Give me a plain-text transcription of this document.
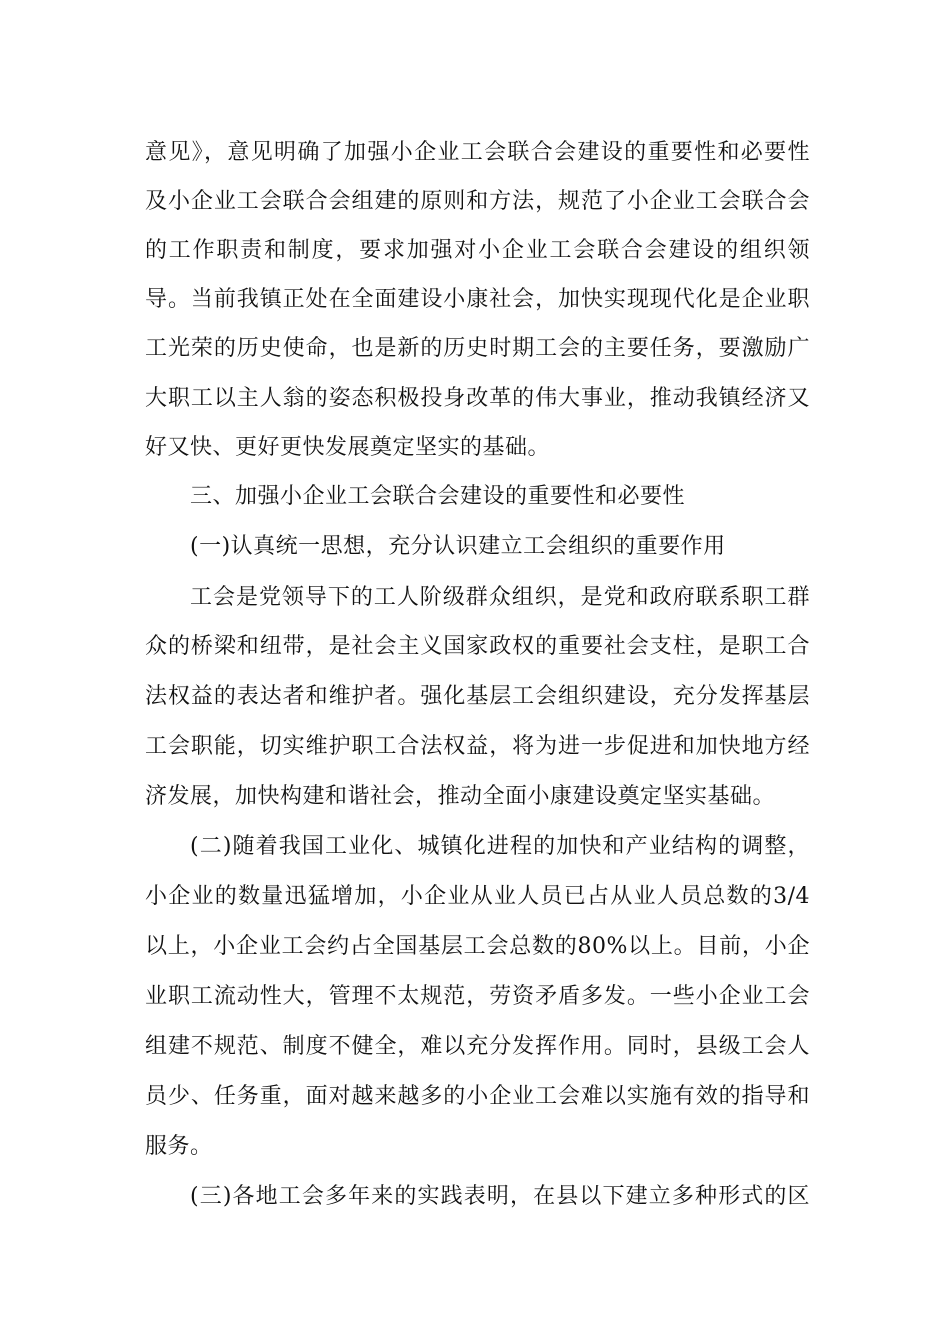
意见》，意见明确了加强小企业工会联合会建设的重要性和必要性
及小企业工会联合会组建的原则和方法，规范了小企业工会联合会
的工作职责和制度，要求加强对小企业工会联合会建设的组织领
导。当前我镇正处在全面建设小康社会，加快实现现代化是企业职
工光荣的历史使命，也是新的历史时期工会的主要任务，要激励广
大职工以主人翁的姿态积极投身改革的伟大事业，推动我镇经济又
好又快、更好更快发展奠定坚实的基础。
三、加强小企业工会联合会建设的重要性和必要性
(一)认真统一思想，充分认识建立工会组织的重要作用
工会是党领导下的工人阶级群众组织，是党和政府联系职工群
众的桥梁和纽带，是社会主义国家政权的重要社会支柱，是职工合
法权益的表达者和维护者。强化基层工会组织建设，充分发挥基层
工会职能，切实维护职工合法权益，将为进一步促进和加快地方经
济发展，加快构建和谐社会，推动全面小康建设奠定坚实基础。
(二)随着我国工业化、城镇化进程的加快和产业结构的调整，
小企业的数量迅猛增加，小企业从业人员已占从业人员总数的3/4
以上，小企业工会约占全国基层工会总数的80%以上。目前，小企
业职工流动性大，管理不太规范，劳资矛盾多发。一些小企业工会
组建不规范、制度不健全，难以充分发挥作用。同时，县级工会人
员少、任务重，面对越来越多的小企业工会难以实施有效的指导和
服务。
(三)各地工会多年来的实践表明，在县以下建立多种形式的区
